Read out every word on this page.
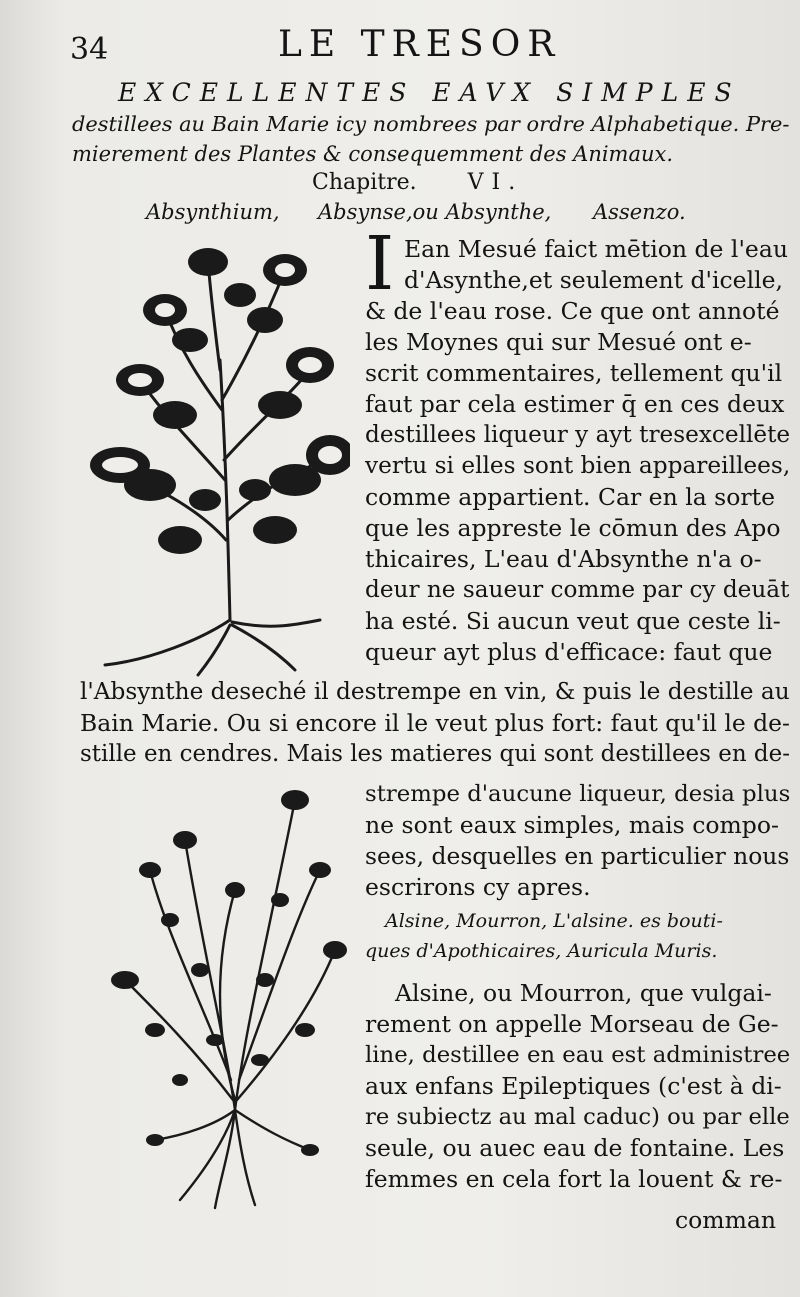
34	LE TRESOR
EXCELLENTES EAVX SIMPLES
destillees au Bain Marie icy nombrees par ordre Alphabetique. Pre-
mierement des Plantes & consequemment des Animaux.
Chapitre. VI.
Absynthium, Absynse,ou Absynthe, Assenzo.
I Ean Mesué faict mētion de l'eau
d'Asynthe,et seulement d'icelle,
& de l'eau rose. Ce que ont annoté
les Moynes qui sur Mesué ont e-
scrit commentaires, tellement qu'il
faut par cela estimer q̄ en ces deux
destillees liqueur y ayt tresexcellēte
vertu si elles sont bien appareillees,
comme appartient. Car en la sorte
que les appreste le cōmun des Apo
thicaires, L'eau d'Absynthe n'a o-
deur ne saueur comme par cy deuāt
ha esté. Si aucun veut que ceste li-
queur ayt plus d'efficace: faut que
l'Absynthe deseché il destrempe en vin, & puis le destille au
Bain Marie. Ou si encore il le veut plus fort: faut qu'il le de-
stille en cendres. Mais les matieres qui sont destillees en de-
strempe d'aucune liqueur, desia plus
ne sont eaux simples, mais compo-
sees, desquelles en particulier nous
escrirons cy apres.
Alsine, Mourron, L'alsine. es bouti-
ques d'Apothicaires, Auricula Muris.
Alsine, ou Mourron, que vulgai-
rement on appelle Morseau de Ge-
line, destillee en eau est administree
aux enfans Epileptiques (c'est à di-
re subiectz au mal caduc) ou par elle
seule, ou auec eau de fontaine. Les
femmes en cela fort la louent & re-
comman
